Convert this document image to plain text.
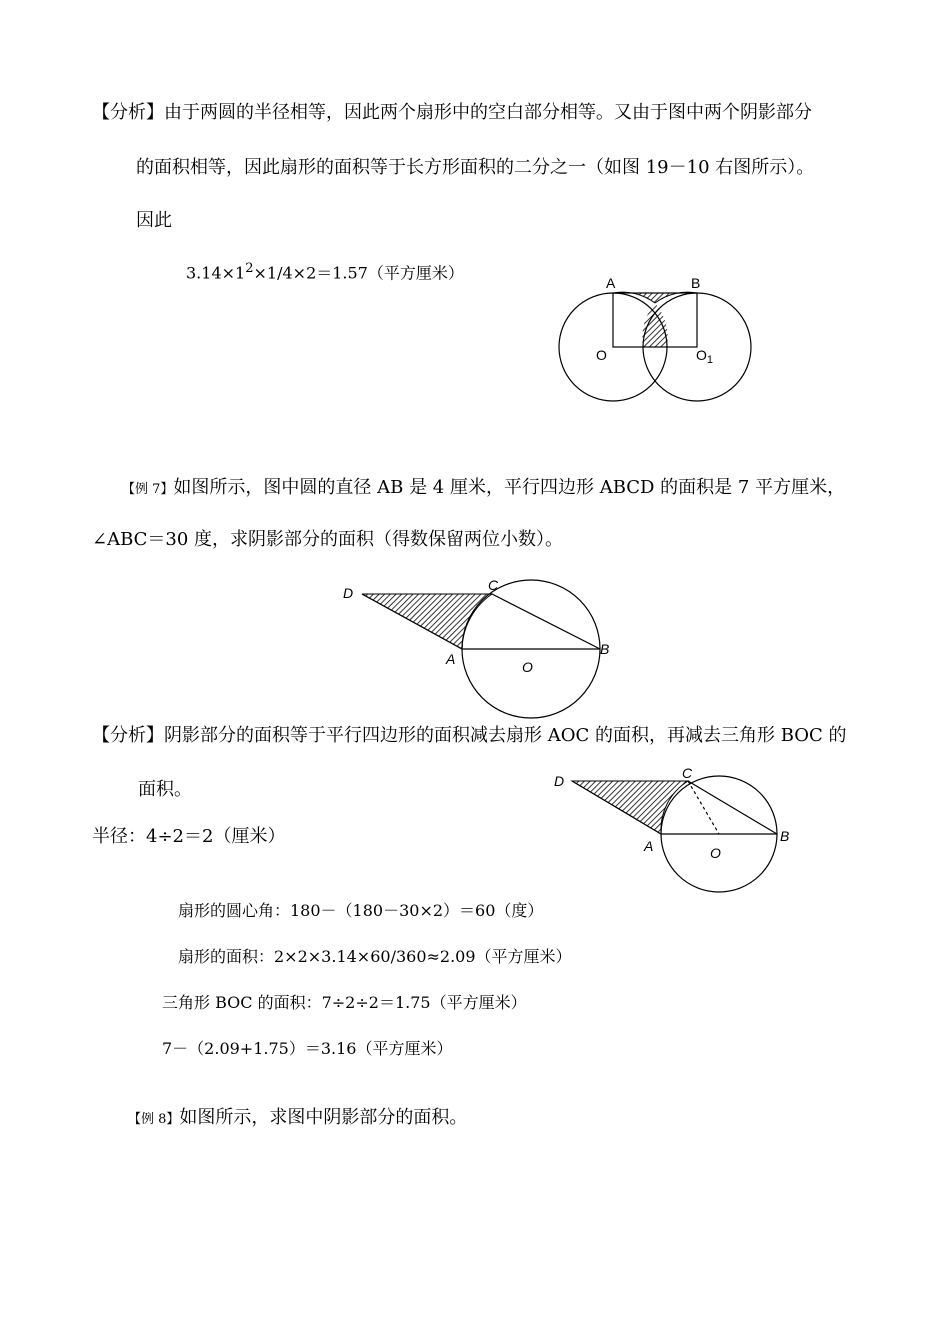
【分析】由于两圆的半径相等，因此两个扇形中的空白部分相等。又由于图中两个阴影部分
的面积相等，因此扇形的面积等于长方形面积的二分之一（如图 19－10 右图所示）。
因此
$3.14\times 1^2\times 1/4\times 2=1.57$（平方厘米）
A	B
O	$O_1$
【例 7】如图所示，图中圆的直径 AB 是 4 厘米，平行四边形 ABCD 的面积是 7 平方厘米，
∠ABC＝30 度，求阴影部分的面积（得数保留两位小数）。
D	C
A	O
B
【分析】阴影部分的面积等于平行四边形的面积减去扇形 AOC 的面积，再减去三角形 BOC 的
面积。
半径：4÷2＝2（厘米）
D	C
A	O
B
扇形的圆心角：180－（180－30×2）＝60（度）
扇形的面积：2×2×3.14×60/360≈2.09（平方厘米）
三角形 BOC 的面积：7÷2÷2＝1.75（平方厘米）
7－（2.09+1.75）＝3.16（平方厘米）
【例 8】如图所示，求图中阴影部分的面积。
